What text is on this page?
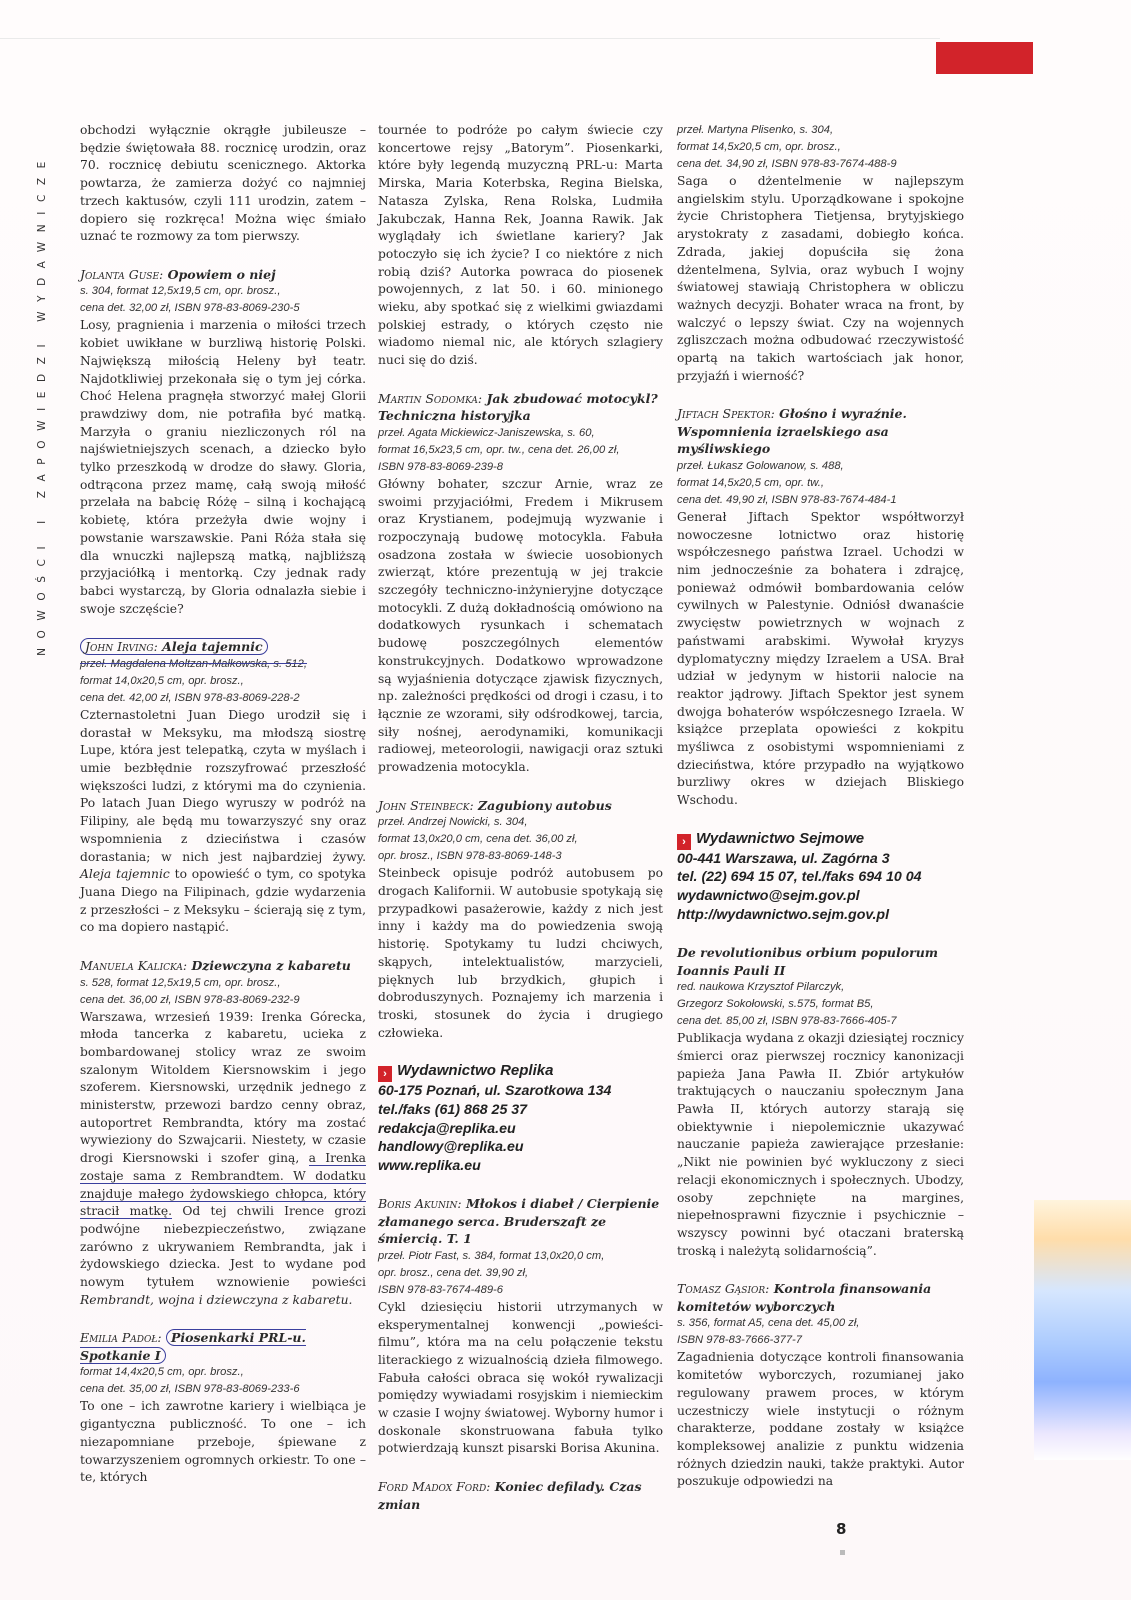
NOWOŚCI I ZAPOWIEDZI WYDAWNICZE

obchodzi wyłącznie okrągłe jubileusze – będzie świętowała 88. rocznicę urodzin, oraz 70. rocznicę debiutu scenicznego. Aktorka powtarza, że zamierza dożyć co najmniej trzech kaktusów, czyli 111 urodzin, zatem – dopiero się rozkręca! Można więc śmiało uznać te rozmowy za tom pierwszy.

Jolanta Guse: Opowiem o niej

s. 304, format 12,5x19,5 cm, opr. brosz.,

cena det. 32,00 zł, ISBN 978-83-8069-230-5

Losy, pragnienia i marzenia o miłości trzech kobiet uwikłane w burzliwą historię Polski. Największą miłością Heleny był teatr. Najdotkliwiej przekonała się o tym jej córka. Choć Helena pragnęła stworzyć małej Glorii prawdziwy dom, nie potrafiła być matką. Marzyła o graniu niezliczonych ról na najświetniejszych scenach, a dziecko było tylko przeszkodą w drodze do sławy. Gloria, odtrącona przez mamę, całą swoją miłość przelała na babcię Różę – silną i kochającą kobietę, która przeżyła dwie wojny i powstanie warszawskie. Pani Róża stała się dla wnuczki najlepszą matką, najbliższą przyjaciółką i mentorką. Czy jednak rady babci wystarczą, by Gloria odnalazła siebie i swoje szczęście?

John Irving: Aleja tajemnic

przeł. Magdalena Moltzan-Małkowska, s. 512,

format 14,0x20,5 cm, opr. brosz.,

cena det. 42,00 zł, ISBN 978-83-8069-228-2

Czternastoletni Juan Diego urodził się i dorastał w Meksyku, ma młodszą siostrę Lupe, która jest telepatką, czyta w myślach i umie bezbłędnie rozszyfrować przeszłość większości ludzi, z którymi ma do czynienia. Po latach Juan Diego wyruszy w podróż na Filipiny, ale będą mu towarzyszyć sny oraz wspomnienia z dzieciństwa i czasów dorastania; w nich jest najbardziej żywy. Aleja tajemnic to opowieść o tym, co spotyka Juana Diego na Filipinach, gdzie wydarzenia z przeszłości – z Meksyku – ścierają się z tym, co ma dopiero nastąpić.

Manuela Kalicka: Dziewczyna z kabaretu

s. 528, format 12,5x19,5 cm, opr. brosz.,

cena det. 36,00 zł, ISBN 978-83-8069-232-9

Warszawa, wrzesień 1939: Irenka Górecka, młoda tancerka z kabaretu, ucieka z bombardowanej stolicy wraz ze swoim szalonym Witoldem Kiersnowskim i jego szoferem. Kiersnowski, urzędnik jednego z ministerstw, przewozi bardzo cenny obraz, autoportret Rembrandta, który ma zostać wywieziony do Szwajcarii. Niestety, w czasie drogi Kiersnowski i szofer giną, a Irenka zostaje sama z Rembrandtem. W dodatku znajduje małego żydowskiego chłopca, który stracił matkę. Od tej chwili Irence grozi podwójne niebezpieczeństwo, związane zarówno z ukrywaniem Rembrandta, jak i żydowskiego dziecka. Jest to wydane pod nowym tytułem wznowienie powieści Rembrandt, wojna i dziewczyna z kabaretu.

Emilia Padoł: Piosenkarki PRL-u. Spotkanie I

format 14,4x20,5 cm, opr. brosz.,

cena det. 35,00 zł, ISBN 978-83-8069-233-6

To one – ich zawrotne kariery i wielbiąca je gigantyczna publiczność. To one – ich niezapomniane przeboje, śpiewane z towarzyszeniem ogromnych orkiestr. To one – te, których

tournée to podróże po całym świecie czy koncertowe rejsy „Batorym”. Piosenkarki, które były legendą muzyczną PRL-u: Marta Mirska, Maria Koterbska, Regina Bielska, Natasza Zylska, Rena Rolska, Ludmiła Jakubczak, Hanna Rek, Joanna Rawik. Jak wyglądały ich świetlane kariery? Jak potoczyło się ich życie? I co niektóre z nich robią dziś? Autorka powraca do piosenek powojennych, z lat 50. i 60. minionego wieku, aby spotkać się z wielkimi gwiazdami polskiej estrady, o których często nie wiadomo niemal nic, ale których szlagiery nuci się do dziś.

Martin Sodomka: Jak zbudować motocykl? Techniczna historyjka

przeł. Agata Mickiewicz-Janiszewska, s. 60,

format 16,5x23,5 cm, opr. tw., cena det. 26,00 zł,

ISBN 978-83-8069-239-8

Główny bohater, szczur Arnie, wraz ze swoimi przyjaciółmi, Fredem i Mikrusem oraz Krystianem, podejmują wyzwanie i rozpoczynają budowę motocykla. Fabuła osadzona została w świecie uosobionych zwierząt, które prezentują w jej trakcie szczegóły techniczno-inżynieryjne dotyczące motocykli. Z dużą dokładnością omówiono na dodatkowych rysunkach i schematach budowę poszczególnych elementów konstrukcyjnych. Dodatkowo wprowadzone są wyjaśnienia dotyczące zjawisk fizycznych, np. zależności prędkości od drogi i czasu, i to łącznie ze wzorami, siły odśrodkowej, tarcia, siły nośnej, aerodynamiki, komunikacji radiowej, meteorologii, nawigacji oraz sztuki prowadzenia motocykla.

John Steinbeck: Zagubiony autobus

przeł. Andrzej Nowicki, s. 304,

format 13,0x20,0 cm, cena det. 36,00 zł,

opr. brosz., ISBN 978-83-8069-148-3

Steinbeck opisuje podróż autobusem po drogach Kalifornii. W autobusie spotykają się przypadkowi pasażerowie, każdy z nich jest inny i każdy ma do powiedzenia swoją historię. Spotykamy tu ludzi chciwych, skąpych, intelektualistów, marzycieli, pięknych lub brzydkich, głupich i dobroduszynych. Poznajemy ich marzenia i troski, stosunek do życia i drugiego człowieka.

› Wydawnictwo Replika
60-175 Poznań, ul. Szarotkowa 134
tel./faks (61) 868 25 37
redakcja@replika.eu
handlowy@replika.eu
www.replika.eu

Boris Akunin: Młokos i diabeł / Cierpienie złamanego serca. Bruderszaft ze śmiercią. T. 1

przeł. Piotr Fast, s. 384, format 13,0x20,0 cm,

opr. brosz., cena det. 39,90 zł,

ISBN 978-83-7674-489-6

Cykl dziesięciu historii utrzymanych w eksperymentalnej konwencji „powieści-filmu”, która ma na celu połączenie tekstu literackiego z wizualnością dzieła filmowego. Fabuła całości obraca się wokół rywalizacji pomiędzy wywiadami rosyjskim i niemieckim w czasie I wojny światowej. Wyborny humor i doskonale skonstruowana fabuła tylko potwierdzają kunszt pisarski Borisa Akunina.

Ford Madox Ford: Koniec defilady. Czas zmian

przeł. Martyna Plisenko, s. 304,

format 14,5x20,5 cm, opr. brosz.,

cena det. 34,90 zł, ISBN 978-83-7674-488-9

Saga o dżentelmenie w najlepszym angielskim stylu. Uporządkowane i spokojne życie Christophera Tietjensa, brytyjskiego arystokraty z zasadami, dobiegło końca. Zdrada, jakiej dopuściła się żona dżentelmena, Sylvia, oraz wybuch I wojny światowej stawiają Christophera w obliczu ważnych decyzji. Bohater wraca na front, by walczyć o lepszy świat. Czy na wojennych zgliszczach można odbudować rzeczywistość opartą na takich wartościach jak honor, przyjaźń i wierność?

Jiftach Spektor: Głośno i wyraźnie. Wspomnienia izraelskiego asa myśliwskiego

przeł. Łukasz Golowanow, s. 488,

format 14,5x20,5 cm, opr. tw.,

cena det. 49,90 zł, ISBN 978-83-7674-484-1

Generał Jiftach Spektor współtworzył nowoczesne lotnictwo oraz historię współczesnego państwa Izrael. Uchodzi w nim jednocześnie za bohatera i zdrajcę, ponieważ odmówił bombardowania celów cywilnych w Palestynie. Odniósł dwanaście zwycięstw powietrznych w wojnach z państwami arabskimi. Wywołał kryzys dyplomatyczny między Izraelem a USA. Brał udział w jedynym w historii nalocie na reaktor jądrowy. Jiftach Spektor jest synem dwojga bohaterów współczesnego Izraela. W książce przeplata opowieści z kokpitu myśliwca z osobistymi wspomnieniami z dzieciństwa, które przypadło na wyjątkowo burzliwy okres w dziejach Bliskiego Wschodu.

› Wydawnictwo Sejmowe
00-441 Warszawa, ul. Zagórna 3
tel. (22) 694 15 07, tel./faks 694 10 04
wydawnictwo@sejm.gov.pl
http://wydawnictwo.sejm.gov.pl

De revolutionibus orbium populorum Ioannis Pauli II

red. naukowa Krzysztof Pilarczyk,

Grzegorz Sokołowski, s.575, format B5,

cena det. 85,00 zł, ISBN 978-83-7666-405-7

Publikacja wydana z okazji dziesiątej rocznicy śmierci oraz pierwszej rocznicy kanonizacji papieża Jana Pawła II. Zbiór artykułów traktujących o nauczaniu społecznym Jana Pawła II, których autorzy starają się obiektywnie i niepolemicznie ukazywać nauczanie papieża zawierające przesłanie: „Nikt nie powinien być wykluczony z sieci relacji ekonomicznych i społecznych. Ubodzy, osoby zepchnięte na margines, niepełnosprawni fizycznie i psychicznie – wszyscy powinni być otaczani braterską troską i należytą solidarnością”.

Tomasz Gąsior: Kontrola finansowania komitetów wyborczych

s. 356, format A5, cena det. 45,00 zł,

ISBN 978-83-7666-377-7

Zagadnienia dotyczące kontroli finansowania komitetów wyborczych, rozumianej jako regulowany prawem proces, w którym uczestniczy wiele instytucji o różnym charakterze, poddane zostały w książce kompleksowej analizie z punktu widzenia różnych dziedzin nauki, także praktyki. Autor poszukuje odpowiedzi na

8
